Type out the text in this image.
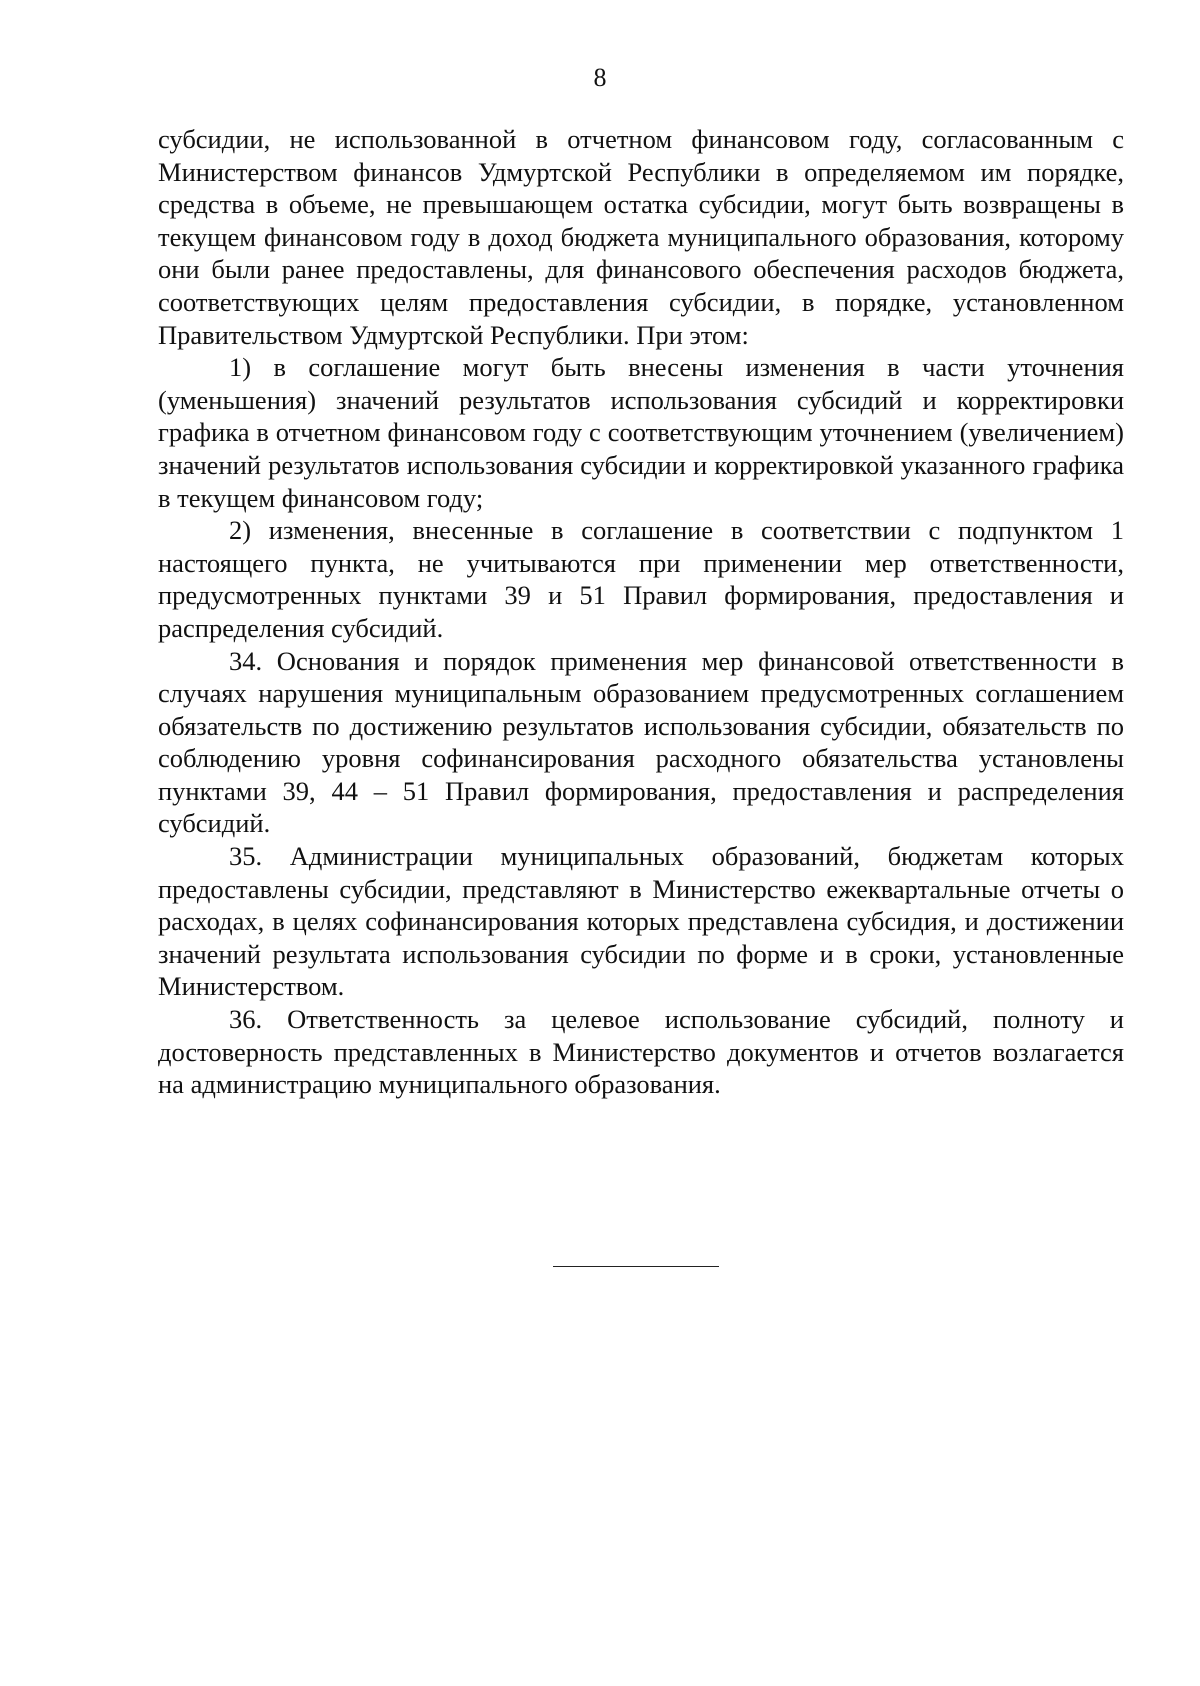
8

субсидии, не использованной в отчетном финансовом году, согласованным с Министерством финансов Удмуртской Республики в определяемом им порядке, средства в объеме, не превышающем остатка субсидии, могут быть возвращены в текущем финансовом году в доход бюджета муниципального образования, которому они были ранее предоставлены, для финансового обеспечения расходов бюджета, соответствующих целям предоставления субсидии, в порядке, установленном Правительством Удмуртской Республики. При этом:

1) в соглашение могут быть внесены изменения в части уточнения (уменьшения) значений результатов использования субсидий и корректировки графика в отчетном финансовом году с соответствующим уточнением (увеличением) значений результатов использования субсидии и корректировкой указанного графика в текущем финансовом году;

2) изменения, внесенные в соглашение в соответствии с подпунктом 1 настоящего пункта, не учитываются при применении мер ответственности, предусмотренных пунктами 39 и 51 Правил формирования, предоставления и распределения субсидий.

34. Основания и порядок применения мер финансовой ответственности в случаях нарушения муниципальным образованием предусмотренных соглашением обязательств по достижению результатов использования субсидии, обязательств по соблюдению уровня софинансирования расходного обязательства установлены пунктами 39, 44 – 51 Правил формирования, предоставления и распределения субсидий.

35. Администрации муниципальных образований, бюджетам которых предоставлены субсидии, представляют в Министерство ежеквартальные отчеты о расходах, в целях софинансирования которых представлена субсидия, и достижении значений результата использования субсидии по форме и в сроки, установленные Министерством.

36. Ответственность за целевое использование субсидий, полноту и достоверность представленных в Министерство документов и отчетов возлагается на администрацию муниципального образования.
